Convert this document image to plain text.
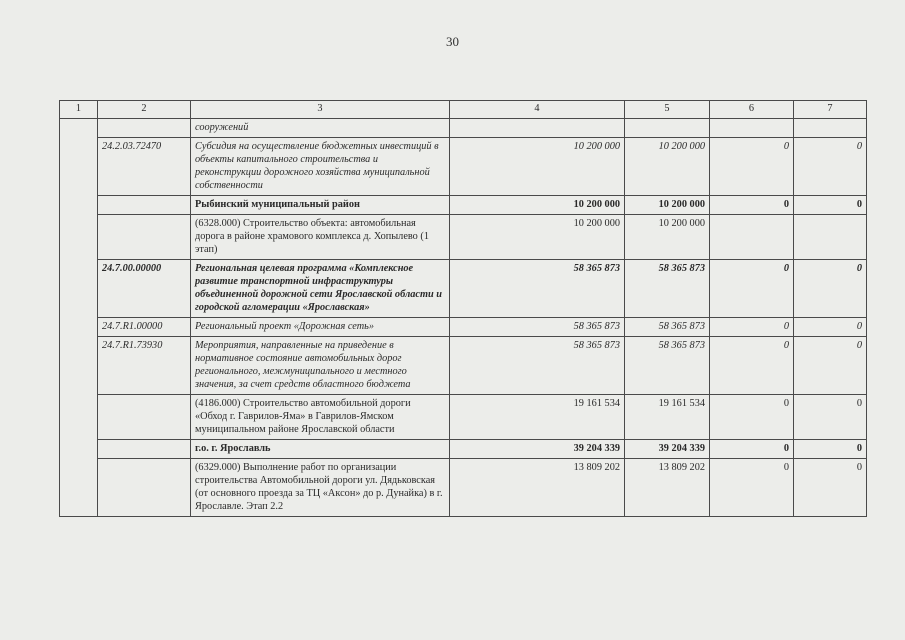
30
1	2	3	4	5	6	7
		сооружений				
	24.2.03.72470	Субсидия на осуществление бюджетных инвестиций в объекты капитального строительства и реконструкции дорожного хозяйства муниципальной собственности	10 200 000	10 200 000	0	0
		Рыбинский муниципальный район	10 200 000	10 200 000	0	0
		(6328.000) Строительство объекта: автомобильная дорога в районе храмового комплекса д. Хопылево (1 этап)	10 200 000	10 200 000		
	24.7.00.00000	Региональная целевая программа «Комплексное развитие транспортной инфраструктуры объединенной дорожной сети Ярославской области и городской агломерации «Ярославская»	58 365 873	58 365 873	0	0
	24.7.R1.00000	Региональный проект «Дорожная сеть»	58 365 873	58 365 873	0	0
	24.7.R1.73930	Мероприятия, направленные на приведение в нормативное состояние автомобильных дорог регионального, межмуниципального и местного значения, за счет средств областного бюджета	58 365 873	58 365 873	0	0
		(4186.000) Строительство автомобильной дороги «Обход г. Гаврилов-Яма» в Гаврилов-Ямском муниципальном районе Ярославской области	19 161 534	19 161 534	0	0
		г.о. г. Ярославль	39 204 339	39 204 339	0	0
		(6329.000) Выполнение работ по организации строительства Автомобильной дороги ул. Дядьковская (от основного проезда за ТЦ «Аксон» до р. Дунайка) в г. Ярославле. Этап 2.2	13 809 202	13 809 202	0	0
